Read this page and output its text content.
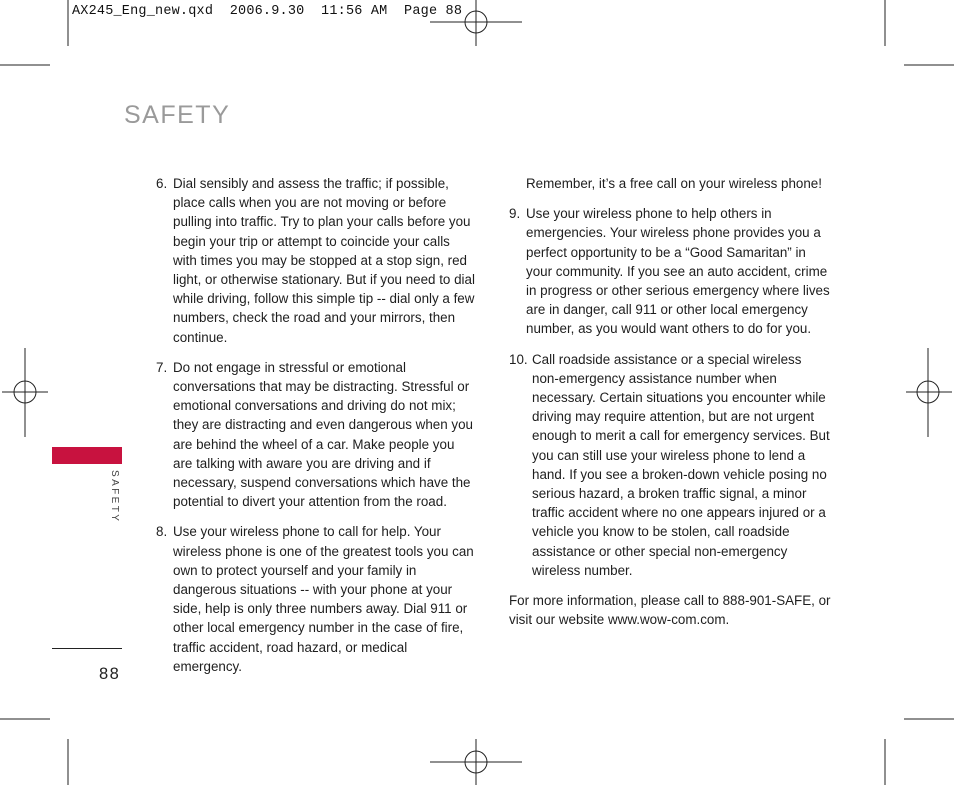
AX245_Eng_new.qxd  2006.9.30  11:56 AM  Page 88
SAFETY
6. Dial sensibly and assess the traffic; if possible, place calls when you are not moving or before pulling into traffic. Try to plan your calls before you begin your trip or attempt to coincide your calls with times you may be stopped at a stop sign, red light, or otherwise stationary. But if you need to dial while driving, follow this simple tip -- dial only a few numbers, check the road and your mirrors, then continue.
7. Do not engage in stressful or emotional conversations that may be distracting. Stressful or emotional conversations and driving do not mix; they are distracting and even dangerous when you are behind the wheel of a car. Make people you are talking with aware you are driving and if necessary, suspend conversations which have the potential to divert your attention from the road.
8. Use your wireless phone to call for help. Your wireless phone is one of the greatest tools you can own to protect yourself and your family in dangerous situations -- with your phone at your side, help is only three numbers away. Dial 911 or other local emergency number in the case of fire, traffic accident, road hazard, or medical emergency.

Remember, it’s a free call on your wireless phone!

9. Use your wireless phone to help others in emergencies. Your wireless phone provides you a perfect opportunity to be a “Good Samaritan” in your community. If you see an auto accident, crime in progress or other serious emergency where lives are in danger, call 911 or other local emergency number, as you would want others to do for you.
10. Call roadside assistance or a special wireless non-emergency assistance number when necessary. Certain situations you encounter while driving may require attention, but are not urgent enough to merit a call for emergency services. But you can still use your wireless phone to lend a hand. If you see a broken-down vehicle posing no serious hazard, a broken traffic signal, a minor traffic accident where no one appears injured or a vehicle you know to be stolen, call roadside assistance or other special non-emergency wireless number.

For more information, please call to 888-901-SAFE, or visit our website www.wow-com.com.

SAFETY
88
